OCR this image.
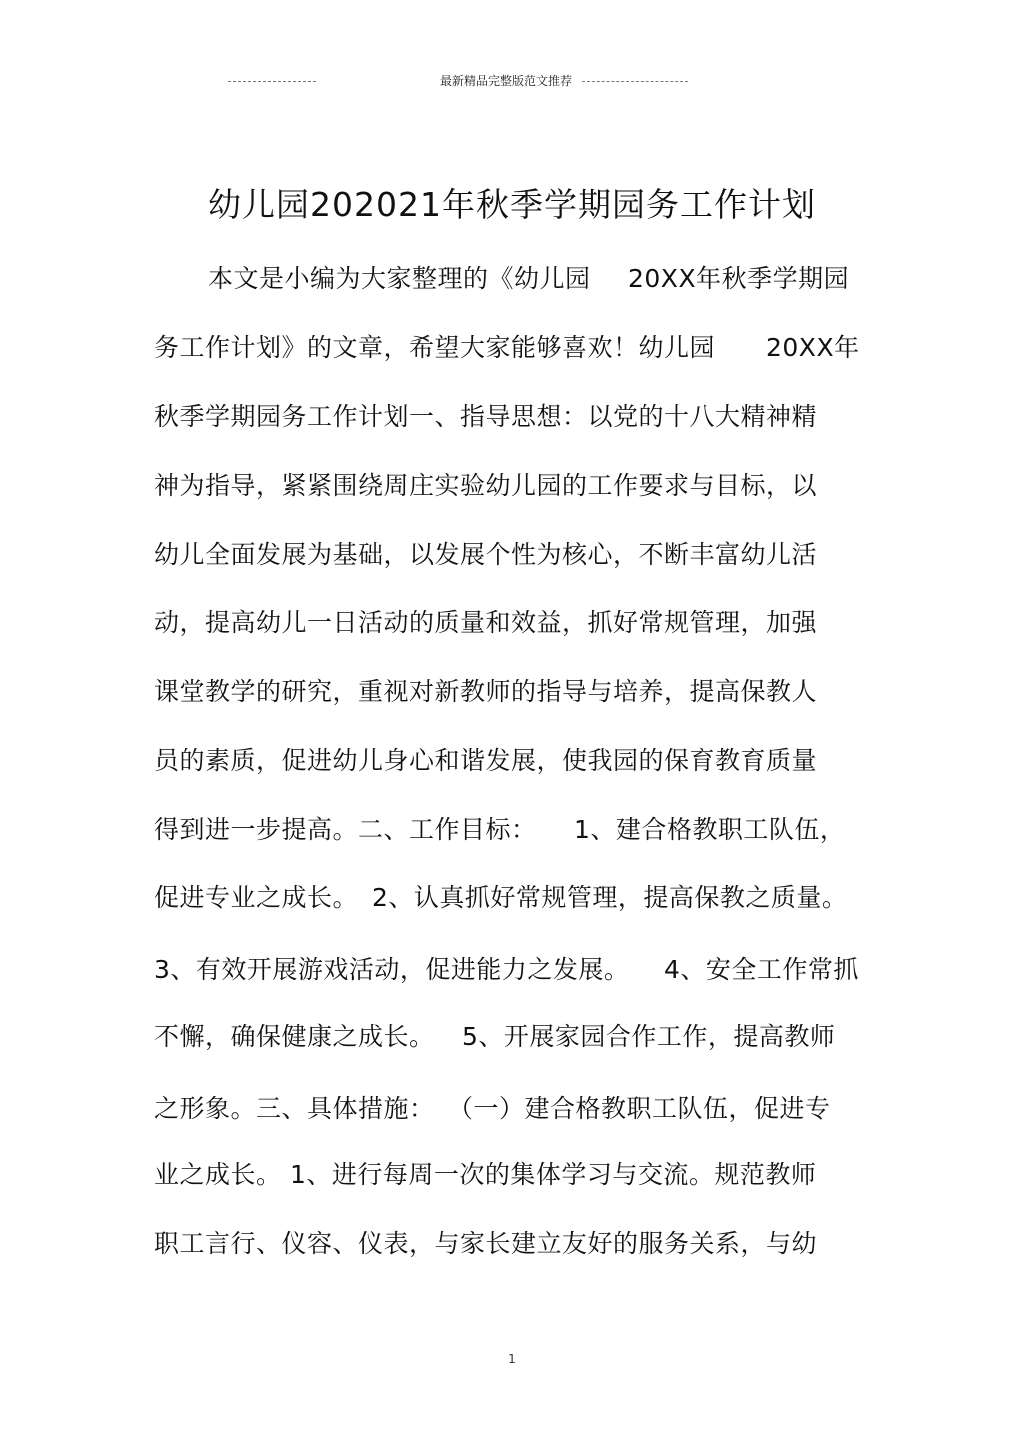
最新精品完整版范文推荐
幼儿园202021年秋季学期园务工作计划
本文是小编为大家整理的《幼儿园 20XX年秋季学期园
务工作计划》的文章，希望大家能够喜欢！幼儿园 20XX年
秋季学期园务工作计划一、指导思想：以党的十八大精神精
神为指导，紧紧围绕周庄实验幼儿园的工作要求与目标，以
幼儿全面发展为基础，以发展个性为核心，不断丰富幼儿活
动，提高幼儿一日活动的质量和效益，抓好常规管理，加强
课堂教学的研究，重视对新教师的指导与培养，提高保教人
员的素质，促进幼儿身心和谐发展，使我园的保育教育质量
得到进一步提高。二、工作目标： 1、建合格教职工队伍，
促进专业之成长。 2、认真抓好常规管理，提高保教之质量。
3、有效开展游戏活动，促进能力之发展。 4、安全工作常抓
不懈，确保健康之成长。 5、开展家园合作工作，提高教师
之形象。三、具体措施： （一）建合格教职工队伍，促进专
业之成长。 1、进行每周一次的集体学习与交流。规范教师
职工言行、仪容、仪表，与家长建立友好的服务关系，与幼
1
